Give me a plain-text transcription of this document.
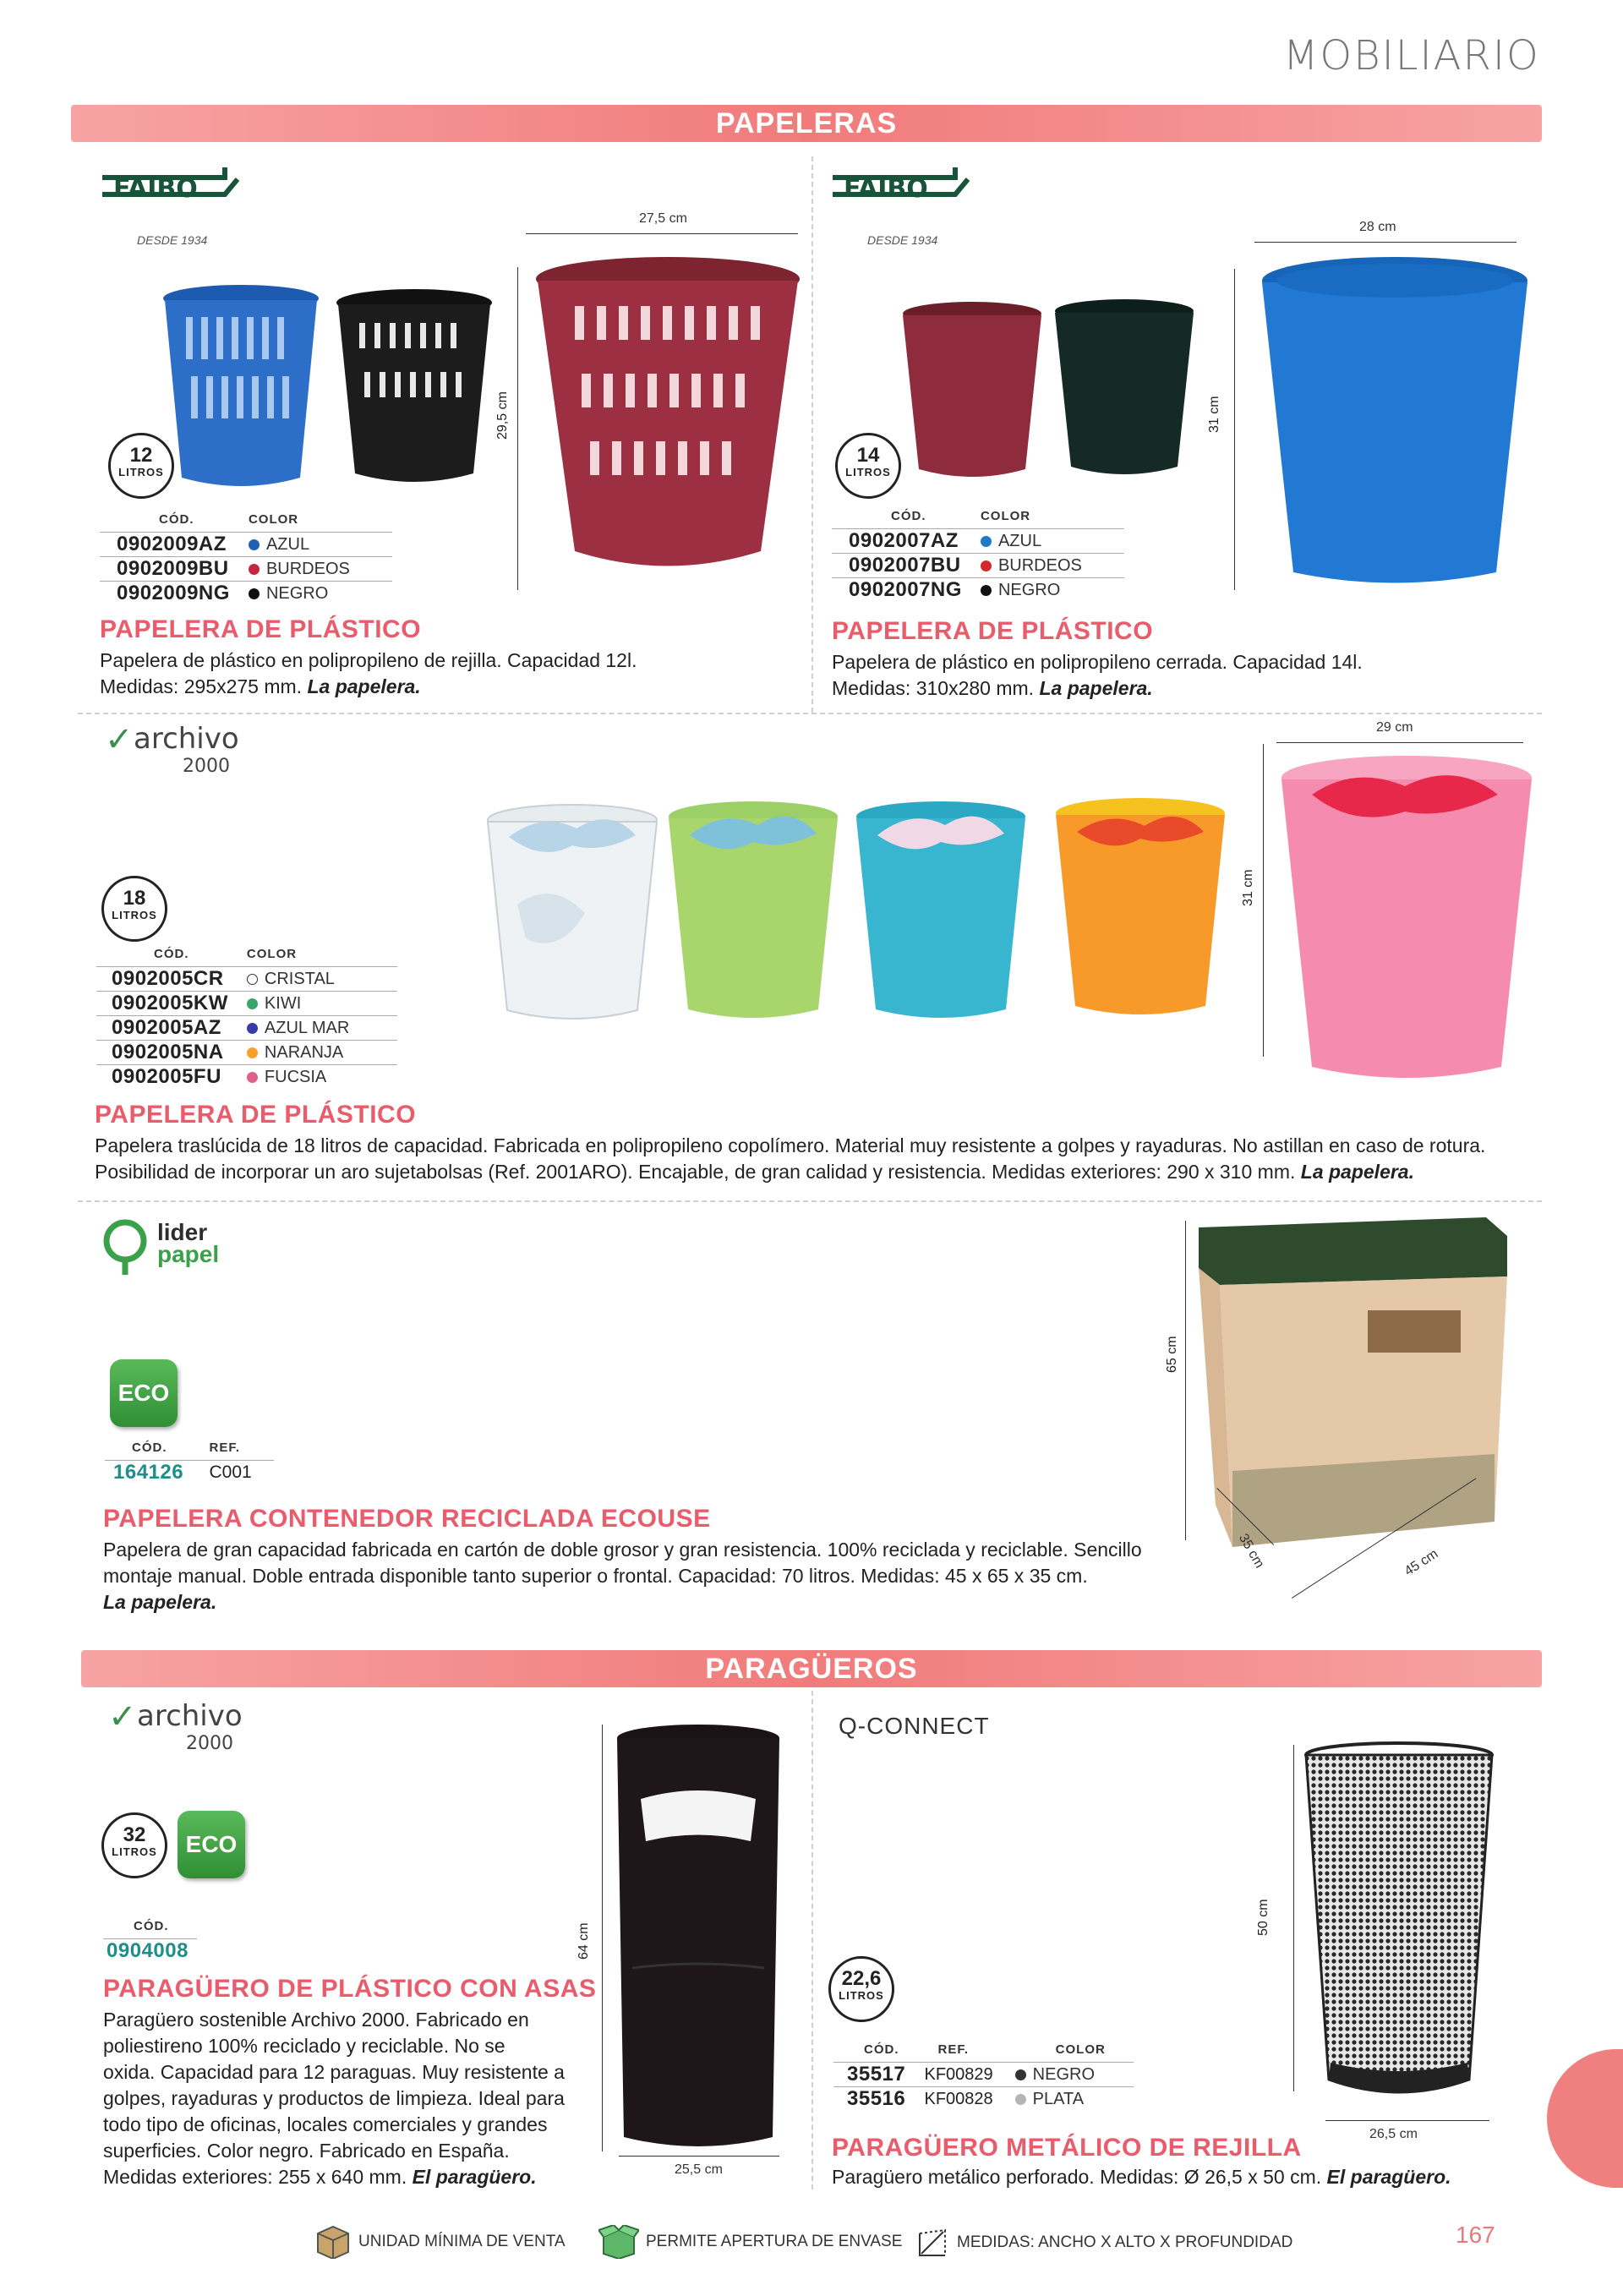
MOBILIARIO
PAPELERAS
FAIBO
DESDE 1934
27,5 cm
29,5 cm
12
LITROS
CÓD.	COLOR
0902009AZ	AZUL
0902009BU	BURDEOS
0902009NG	NEGRO
PAPELERA DE PLÁSTICO
Papelera de plástico en polipropileno de rejilla. Capacidad 12l.
Medidas: 295x275 mm. La papelera.
FAIBO
DESDE 1934
28 cm
31 cm
14
LITROS
CÓD.	COLOR
0902007AZ	AZUL
0902007BU	BURDEOS
0902007NG	NEGRO
PAPELERA DE PLÁSTICO
Papelera de plástico en polipropileno cerrada. Capacidad 14l.
Medidas: 310x280 mm. La papelera.
✓ archivo
2000
29 cm
31 cm
18
LITROS
CÓD.	COLOR
0902005CR	CRISTAL
0902005KW	KIWI
0902005AZ	AZUL MAR
0902005NA	NARANJA
0902005FU	FUCSIA
PAPELERA DE PLÁSTICO
Papelera traslúcida de 18 litros de capacidad. Fabricada en polipropileno copolímero. Material muy resistente a golpes y rayaduras. No astillan en caso de rotura.
Posibilidad de incorporar un aro sujetabolsas (Ref. 2001ARO). Encajable, de gran calidad y resistencia. Medidas exteriores: 290 x 310 mm. La papelera.
lider
papel
ECO
CÓD.	REF.
164126	C001
PAPELERA CONTENEDOR RECICLADA ECOUSE
Papelera de gran capacidad fabricada en cartón de doble grosor y gran resistencia. 100% reciclada y reciclable. Sencillo
montaje manual. Doble entrada disponible tanto superior o frontal. Capacidad: 70 litros. Medidas: 45 x 65 x 35 cm.
La papelera.
65 cm
35 cm	45 cm
PARAGÜEROS
✓ archivo
2000
32
LITROS	ECO
CÓD.
0904008
PARAGÜERO DE PLÁSTICO CON ASAS
Paragüero sostenible Archivo 2000. Fabricado en
poliestireno 100% reciclado y reciclable. No se
oxida. Capacidad para 12 paraguas. Muy resistente a
golpes, rayaduras y productos de limpieza. Ideal para
todo tipo de oficinas, locales comerciales y grandes
superficies. Color negro. Fabricado en España.
Medidas exteriores: 255 x 640 mm. El paragüero.
64 cm
25,5 cm
Q-CONNECT
22,6
LITROS
CÓD.	REF.	COLOR
35517	KF00829	NEGRO
35516	KF00828	PLATA
PARAGÜERO METÁLICO DE REJILLA
Paragüero metálico perforado. Medidas: Ø 26,5 x 50 cm. El paragüero.
50 cm
26,5 cm
UNIDAD MÍNIMA DE VENTA	PERMITE APERTURA DE ENVASE	MEDIDAS: ANCHO X ALTO X PROFUNDIDAD	167
